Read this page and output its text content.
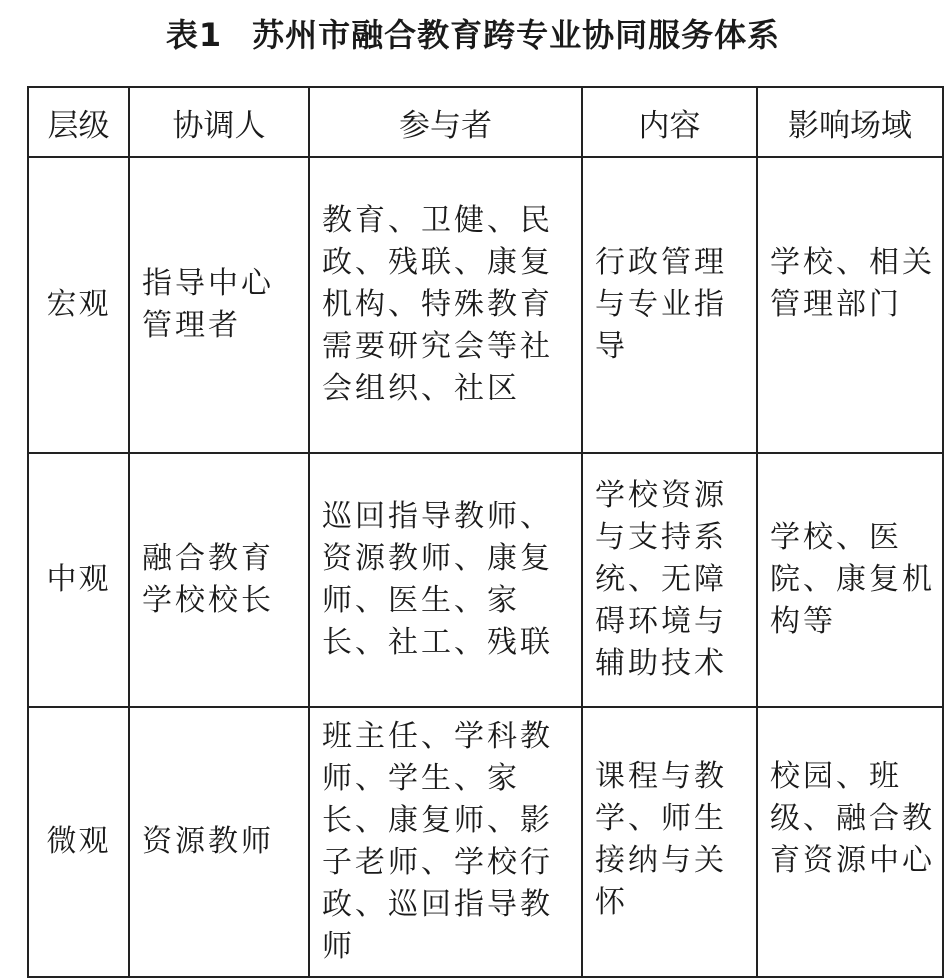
表1 苏州市融合教育跨专业协同服务体系
层级	协调人	参与者	内容	影响场域
宏观	指导中心管理者	教育、卫健、民政、残联、康复机构、特殊教育需要研究会等社会组织、社区	行政管理与专业指导	学校、相关管理部门
中观	融合教育学校校长	巡回指导教师、资源教师、康复师、医生、家长、社工、残联	学校资源与支持系统、无障碍环境与辅助技术	学校、医院、康复机构等
微观	资源教师	班主任、学科教师、学生、家长、康复师、影子老师、学校行政、巡回指导教师	课程与教学、师生接纳与关怀	校园、班级、融合教育资源中心
